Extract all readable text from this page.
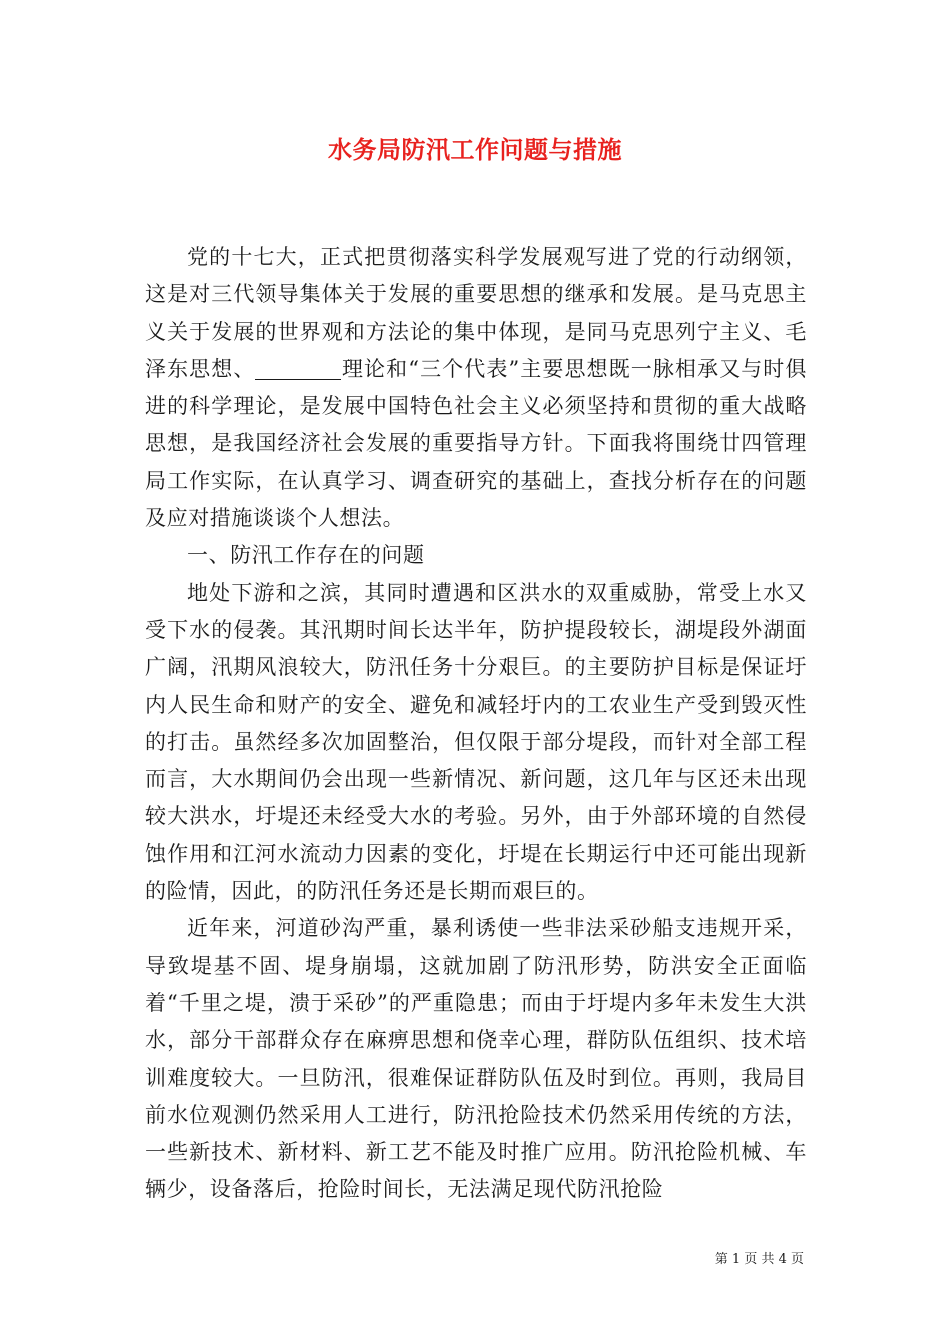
水务局防汛工作问题与措施

党的十七大，正式把贯彻落实科学发展观写进了党的行动纲领，这是对三代领导集体关于发展的重要思想的继承和发展。是马克思主义关于发展的世界观和方法论的集中体现，是同马克思列宁主义、毛泽东思想、	理论和“三个代表”主要思想既一脉相承又与时俱进的科学理论，是发展中国特色社会主义必须坚持和贯彻的重大战略思想，是我国经济社会发展的重要指导方针。下面我将围绕廿四管理局工作实际，在认真学习、调查研究的基础上，查找分析存在的问题及应对措施谈谈个人想法。

一、防汛工作存在的问题

地处下游和之滨，其同时遭遇和区洪水的双重威胁，常受上水又受下水的侵袭。其汛期时间长达半年，防护提段较长，湖堤段外湖面广阔，汛期风浪较大，防汛任务十分艰巨。的主要防护目标是保证圩内人民生命和财产的安全、避免和减轻圩内的工农业生产受到毁灭性的打击。虽然经多次加固整治，但仅限于部分堤段，而针对全部工程而言，大水期间仍会出现一些新情况、新问题，这几年与区还未出现较大洪水，圩堤还未经受大水的考验。另外，由于外部环境的自然侵蚀作用和江河水流动力因素的变化，圩堤在长期运行中还可能出现新的险情，因此，的防汛任务还是长期而艰巨的。

近年来，河道砂沟严重，暴利诱使一些非法采砂船支违规开采，导致堤基不固、堤身崩塌，这就加剧了防汛形势，防洪安全正面临着“千里之堤，溃于采砂”的严重隐患；而由于圩堤内多年未发生大洪水，部分干部群众存在麻痹思想和侥幸心理，群防队伍组织、技术培训难度较大。一旦防汛，很难保证群防队伍及时到位。再则，我局目前水位观测仍然采用人工进行，防汛抢险技术仍然采用传统的方法，一些新技术、新材料、新工艺不能及时推广应用。防汛抢险机械、车辆少，设备落后，抢险时间长，无法满足现代防汛抢险

第 1 页 共 4 页
